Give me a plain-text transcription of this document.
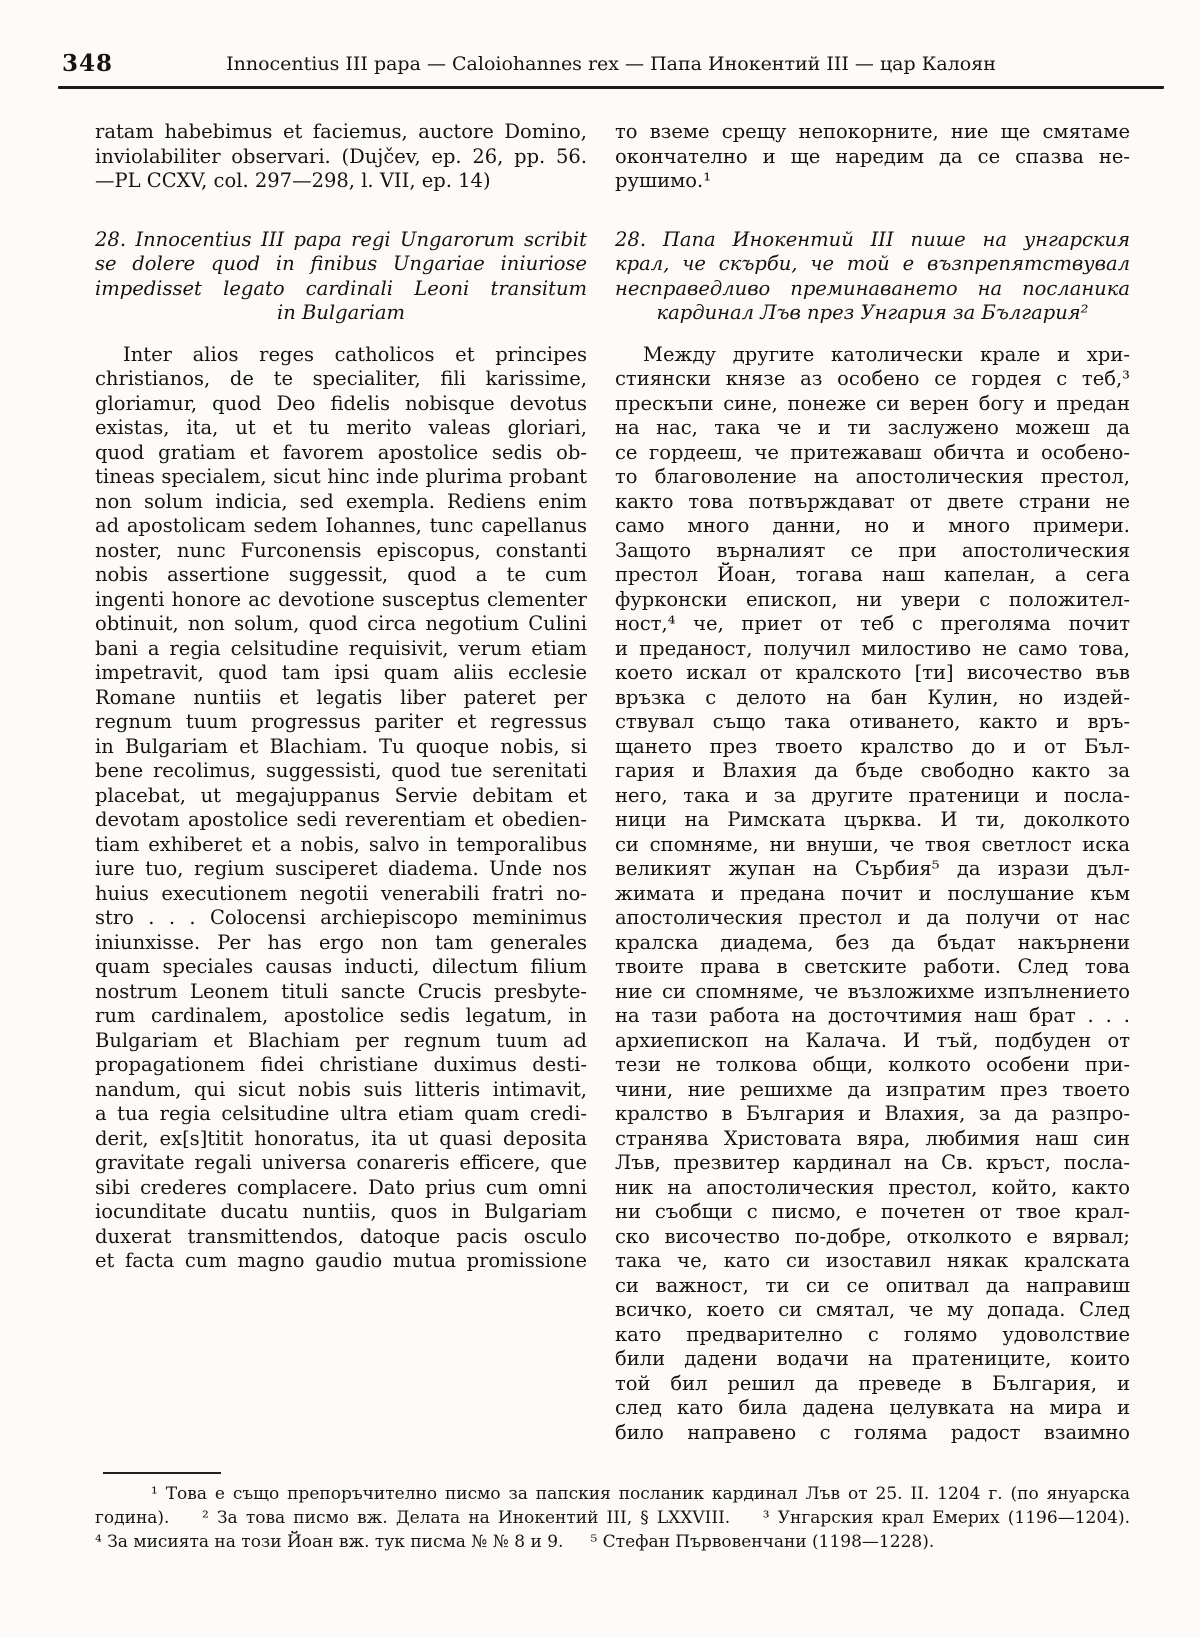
348	Innocentius III papa — Caloiohannes rex — Папа Инокентий III — цар Калоян
ratam habebimus et faciemus, auctore Domino,
inviolabiliter observari. (Dujčev, ep. 26, pp. 56.
—PL CCXV, col. 297—298, l. VII, ep. 14)
28. Innocentius III papa regi Ungarorum scribit
se dolere quod in finibus Ungariae iniuriose
impedisset legato cardinali Leoni transitum
in Bulgariam
Inter alios reges catholicos et principes
christianos, de te specialiter, fili karissime,
gloriamur, quod Deo fidelis nobisque devotus
existas, ita, ut et tu merito valeas gloriari,
quod gratiam et favorem apostolice sedis ob-
tineas specialem, sicut hinc inde plurima probant
non solum indicia, sed exempla. Rediens enim
ad apostolicam sedem Iohannes, tunc capellanus
noster, nunc Furconensis episcopus, constanti
nobis assertione suggessit, quod a te cum
ingenti honore ac devotione susceptus clementer
obtinuit, non solum, quod circa negotium Culini
bani a regia celsitudine requisivit, verum etiam
impetravit, quod tam ipsi quam aliis ecclesie
Romane nuntiis et legatis liber pateret per
regnum tuum progressus pariter et regressus
in Bulgariam et Blachiam. Tu quoque nobis, si
bene recolimus, suggessisti, quod tue serenitati
placebat, ut megajuppanus Servie debitam et
devotam apostolice sedi reverentiam et obedien-
tiam exhiberet et a nobis, salvo in temporalibus
iure tuo, regium susciperet diadema. Unde nos
huius executionem negotii venerabili fratri no-
stro . . . Colocensi archiepiscopo meminimus
iniunxisse. Per has ergo non tam generales
quam speciales causas inducti, dilectum filium
nostrum Leonem tituli sancte Crucis presbyte-
rum cardinalem, apostolice sedis legatum, in
Bulgariam et Blachiam per regnum tuum ad
propagationem fidei christiane duximus desti-
nandum, qui sicut nobis suis litteris intimavit,
a tua regia celsitudine ultra etiam quam credi-
derit, ex[s]titit honoratus, ita ut quasi deposita
gravitate regali universa conareris efficere, que
sibi crederes complacere. Dato prius cum omni
iocunditate ducatu nuntiis, quos in Bulgariam
duxerat transmittendos, datoque pacis osculo
et facta cum magno gaudio mutua promissione
то вземе срещу непокорните, ние ще смятаме
окончателно и ще наредим да се спазва не-
рушимо.¹
28. Папа Инокентий III пише на унгарския
крал, че скърби, че той е възпрепятствувал
несправедливо преминаването на посланика
кардинал Лъв през Унгария за България²
Между другите католически крале и хри-
стиянски князе аз особено се гордея с теб,³
прескъпи сине, понеже си верен богу и предан
на нас, така че и ти заслужено можеш да
се гордееш, че притежаваш обичта и особено-
то благоволение на апостолическия престол,
както това потвърждават от двете страни не
само много данни, но и много примери.
Защото върналият се при апостолическия
престол Йоан, тогава наш капелан, а сега
фурконски епископ, ни увери с положител-
ност,⁴ че, приет от теб с преголяма почит
и преданост, получил милостиво не само това,
което искал от кралското [ти] височество във
връзка с делото на бан Кулин, но издей-
ствувал също така отиването, както и връ-
щането през твоето кралство до и от Бъл-
гария и Влахия да бъде свободно както за
него, така и за другите пратеници и посла-
ници на Римската църква. И ти, доколкото
си спомняме, ни внуши, че твоя светлост иска
великият жупан на Сърбия⁵ да изрази дъл-
жимата и предана почит и послушание към
апостолическия престол и да получи от нас
кралска диадема, без да бъдат накърнени
твоите права в светските работи. След това
ние си спомняме, че възложихме изпълнението
на тази работа на досточтимия наш брат . . .
архиепископ на Калача. И тъй, подбуден от
тези не толкова общи, колкото особени при-
чини, ние решихме да изпратим през твоето
кралство в България и Влахия, за да разпро-
странява Христовата вяра, любимия наш син
Лъв, презвитер кардинал на Св. кръст, посла-
ник на апостолическия престол, който, както
ни съобщи с писмо, е почетен от твое крал-
ско височество по-добре, отколкото е вярвал;
така че, като си изоставил някак кралската
си важност, ти си се опитвал да направиш
всичко, което си смятал, че му допада. След
като предварително с голямо удоволствие
били дадени водачи на пратениците, които
той бил решил да преведе в България, и
след като била дадена целувката на мира и
било направено с голяма радост взаимно
¹ Това е също препоръчително писмо за папския посланик кардинал Лъв от 25. II. 1204 г. (по януарска
година).    ² За това писмо вж. Делата на Инокентий III, § LXXVIII.    ³ Унгарския крал Емерих (1196—1204).
⁴ За мисията на този Йоан вж. тук писма № № 8 и 9.     ⁵ Стефан Първовенчани (1198—1228).
